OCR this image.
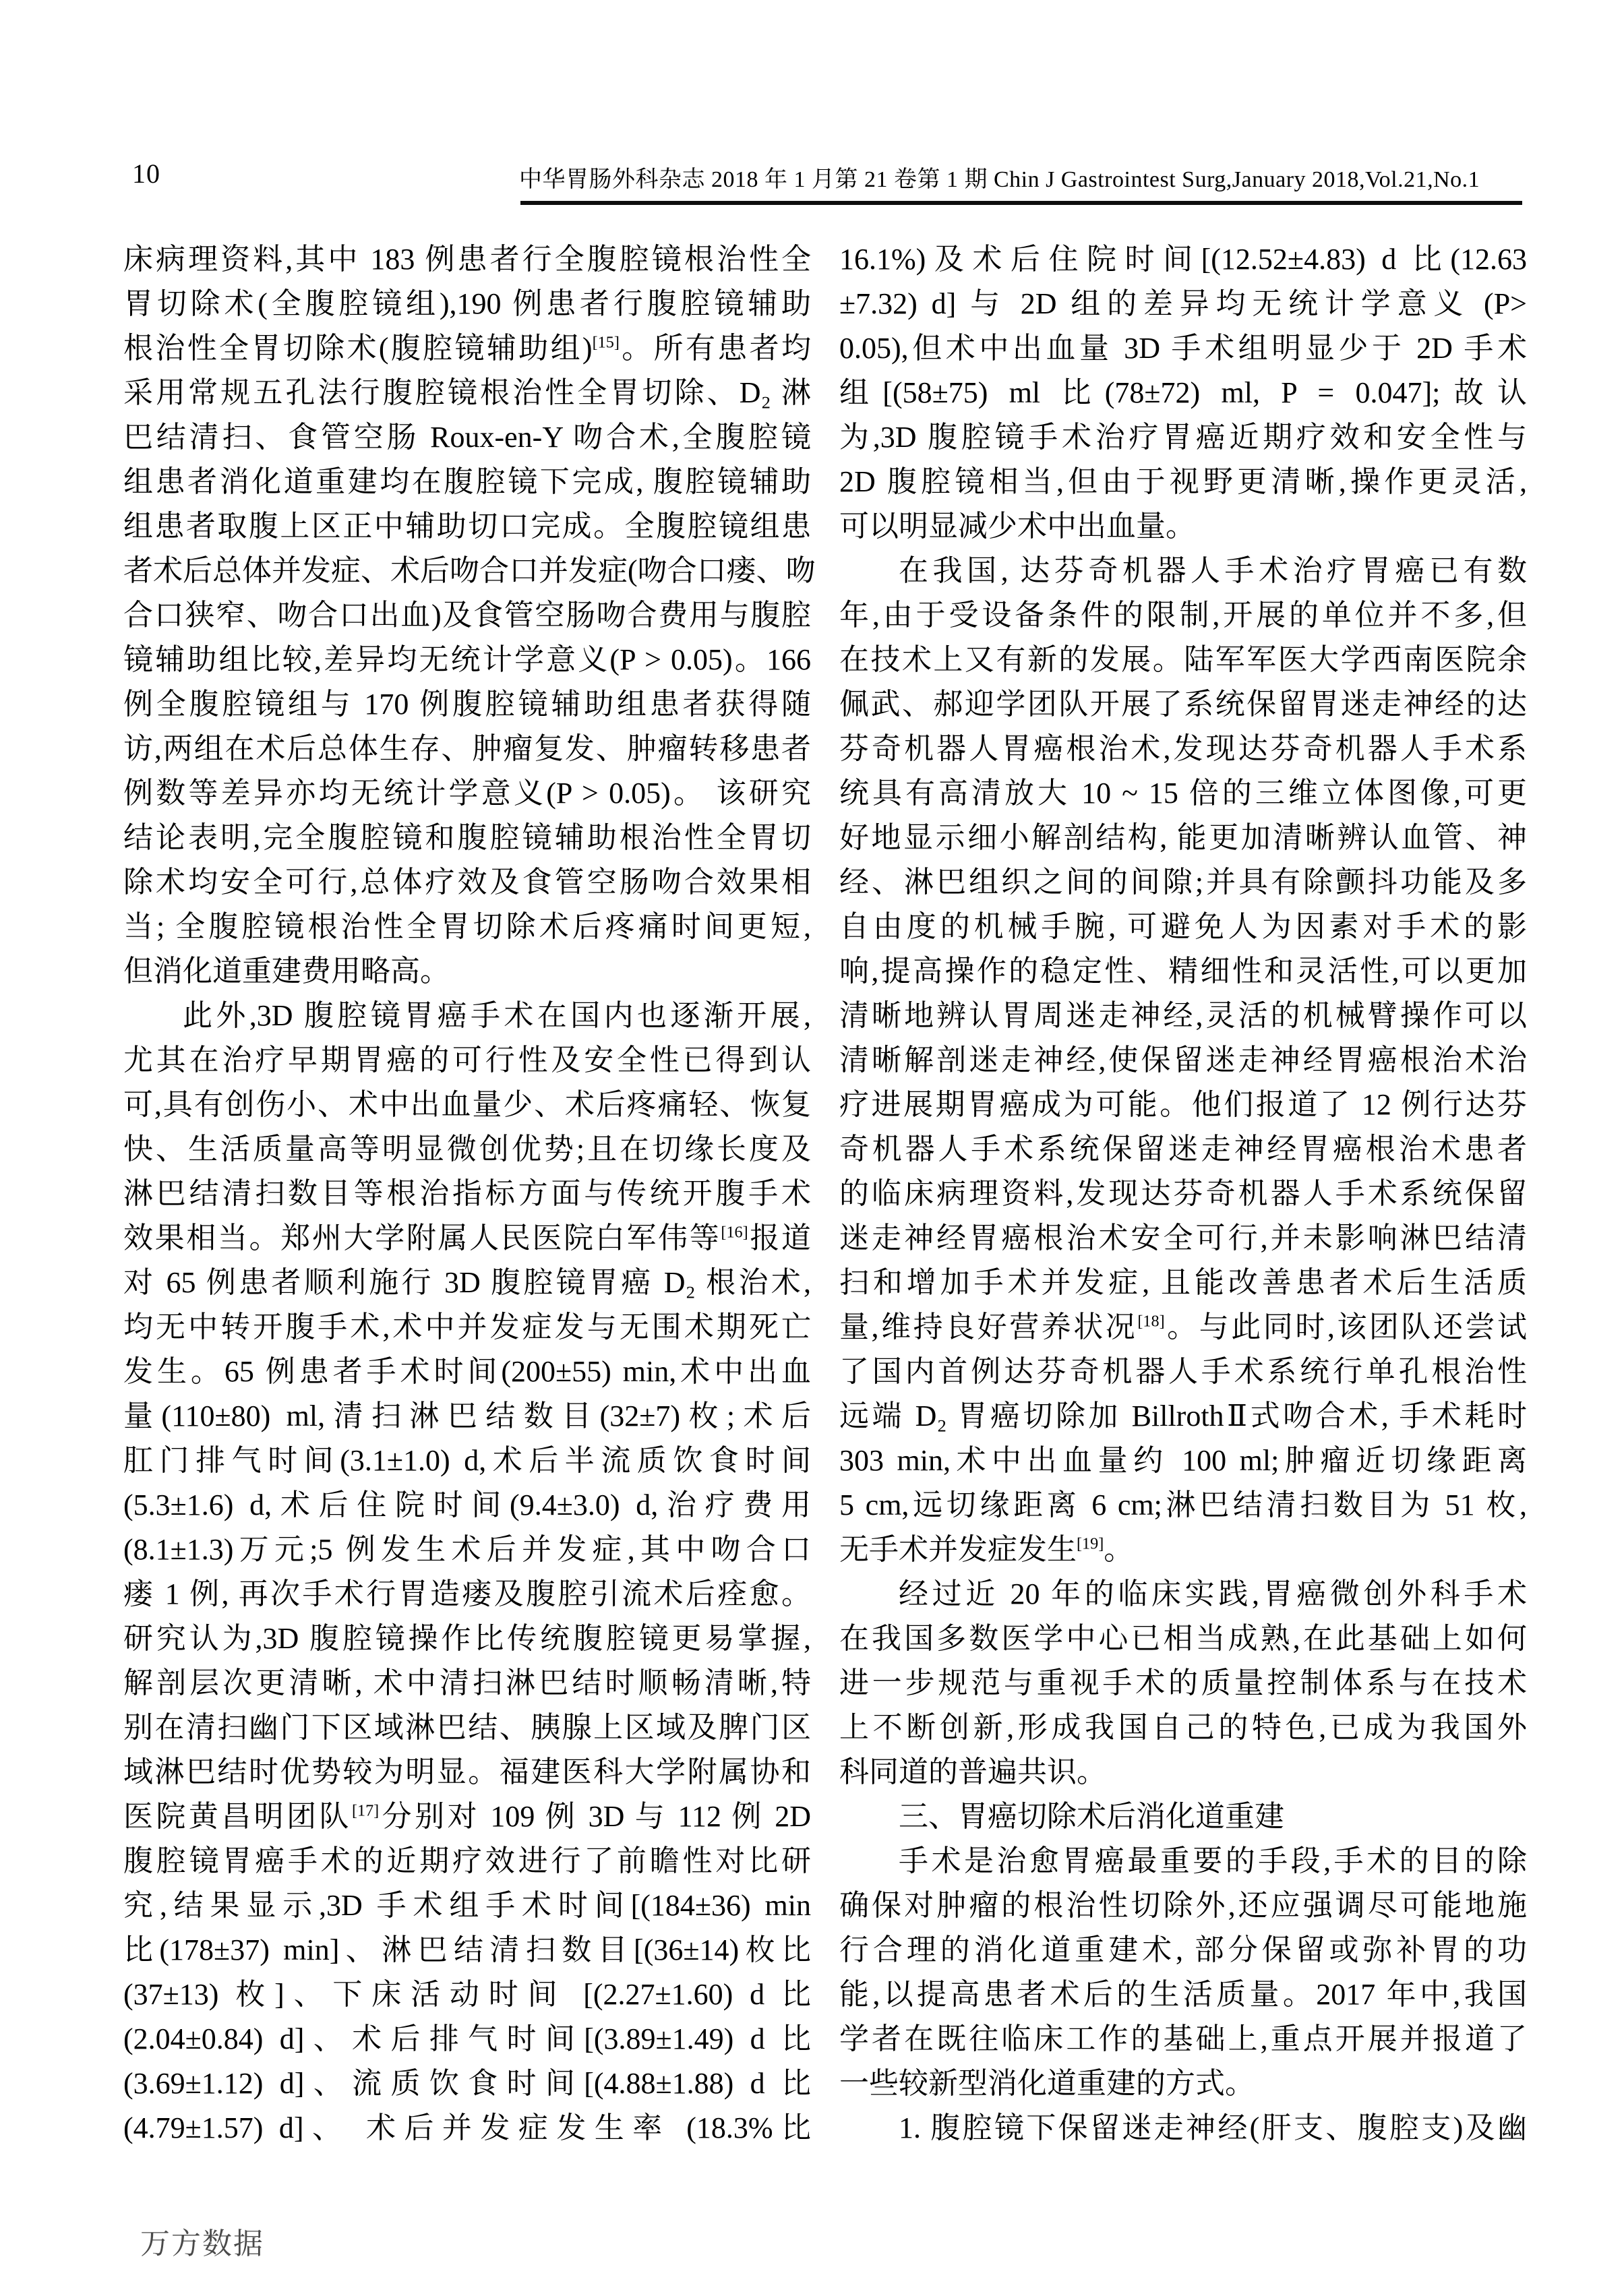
10	中华胃肠外科杂志 2018 年 1 月第 21 卷第 1 期 Chin J Gastrointest Surg,January 2018,Vol.21,No.1
床病理资料,其中 183 例患者行全腹腔镜根治性全
胃切除术(全腹腔镜组),190 例患者行腹腔镜辅助
根治性全胃切除术(腹腔镜辅助组)[15]。所有患者均
采用常规五孔法行腹腔镜根治性全胃切除、D₂ 淋
巴结清扫、食管空肠 Roux-en-Y 吻合术,全腹腔镜
组患者消化道重建均在腹腔镜下完成, 腹腔镜辅助
组患者取腹上区正中辅助切口完成。全腹腔镜组患
者术后总体并发症、术后吻合口并发症(吻合口瘘、吻
合口狭窄、吻合口出血)及食管空肠吻合费用与腹腔
镜辅助组比较,差异均无统计学意义(P > 0.05)。166
例全腹腔镜组与 170 例腹腔镜辅助组患者获得随
访,两组在术后总体生存、肿瘤复发、肿瘤转移患者
例数等差异亦均无统计学意义(P > 0.05)。 该研究
结论表明,完全腹腔镜和腹腔镜辅助根治性全胃切
除术均安全可行,总体疗效及食管空肠吻合效果相
当; 全腹腔镜根治性全胃切除术后疼痛时间更短,
但消化道重建费用略高。
此外,3D 腹腔镜胃癌手术在国内也逐渐开展,
尤其在治疗早期胃癌的可行性及安全性已得到认
可,具有创伤小、术中出血量少、术后疼痛轻、恢复
快、生活质量高等明显微创优势;且在切缘长度及
淋巴结清扫数目等根治指标方面与传统开腹手术
效果相当。郑州大学附属人民医院白军伟等[16]报道
对 65 例患者顺利施行 3D 腹腔镜胃癌 D₂ 根治术,
均无中转开腹手术,术中并发症发与无围术期死亡
发生。65 例患者手术时间(200±55) min,术中出血
量(110±80) ml,清扫淋巴结数目(32±7)枚;术后
肛门排气时间(3.1±1.0) d,术后半流质饮食时间
(5.3±1.6) d,术后住院时间(9.4±3.0) d,治疗费用
(8.1±1.3)万元;5 例发生术后并发症,其中吻合口
瘘 1 例, 再次手术行胃造瘘及腹腔引流术后痊愈。
研究认为,3D 腹腔镜操作比传统腹腔镜更易掌握,
解剖层次更清晰, 术中清扫淋巴结时顺畅清晰,特
别在清扫幽门下区域淋巴结、胰腺上区域及脾门区
域淋巴结时优势较为明显。福建医科大学附属协和
医院黄昌明团队[17]分别对 109 例 3D 与 112 例 2D
腹腔镜胃癌手术的近期疗效进行了前瞻性对比研
究,结果显示,3D 手术组手术时间[(184±36) min
比(178±37) min]、淋巴结清扫数目[(36±14)枚比
(37±13) 枚]、下床活动时间 [(2.27±1.60) d 比
(2.04±0.84) d]、术后排气时间[(3.89±1.49) d 比
(3.69±1.12) d]、流质饮食时间[(4.88±1.88) d 比
(4.79±1.57) d]、 术后并发症发生率 (18.3%比
16.1%)及术后住院时间[(12.52±4.83) d 比(12.63
±7.32) d] 与 2D 组的差异均无统计学意义 (P>
0.05),但术中出血量 3D 手术组明显少于 2D 手术
组[(58±75) ml 比(78±72) ml, P = 0.047];故认
为,3D 腹腔镜手术治疗胃癌近期疗效和安全性与
2D 腹腔镜相当,但由于视野更清晰,操作更灵活,
可以明显减少术中出血量。
在我国, 达芬奇机器人手术治疗胃癌已有数
年,由于受设备条件的限制,开展的单位并不多,但
在技术上又有新的发展。陆军军医大学西南医院余
佩武、郝迎学团队开展了系统保留胃迷走神经的达
芬奇机器人胃癌根治术,发现达芬奇机器人手术系
统具有高清放大 10 ~ 15 倍的三维立体图像,可更
好地显示细小解剖结构, 能更加清晰辨认血管、神
经、淋巴组织之间的间隙;并具有除颤抖功能及多
自由度的机械手腕, 可避免人为因素对手术的影
响,提高操作的稳定性、精细性和灵活性,可以更加
清晰地辨认胃周迷走神经,灵活的机械臂操作可以
清晰解剖迷走神经,使保留迷走神经胃癌根治术治
疗进展期胃癌成为可能。他们报道了 12 例行达芬
奇机器人手术系统保留迷走神经胃癌根治术患者
的临床病理资料,发现达芬奇机器人手术系统保留
迷走神经胃癌根治术安全可行,并未影响淋巴结清
扫和增加手术并发症, 且能改善患者术后生活质
量,维持良好营养状况[18]。与此同时,该团队还尝试
了国内首例达芬奇机器人手术系统行单孔根治性
远端 D₂ 胃癌切除加 BillrothⅡ式吻合术, 手术耗时
303 min,术中出血量约 100 ml;肿瘤近切缘距离
5 cm,远切缘距离 6 cm;淋巴结清扫数目为 51 枚,
无手术并发症发生[19]。
经过近 20 年的临床实践,胃癌微创外科手术
在我国多数医学中心已相当成熟,在此基础上如何
进一步规范与重视手术的质量控制体系与在技术
上不断创新,形成我国自己的特色,已成为我国外
科同道的普遍共识。
三、胃癌切除术后消化道重建
手术是治愈胃癌最重要的手段,手术的目的除
确保对肿瘤的根治性切除外,还应强调尽可能地施
行合理的消化道重建术, 部分保留或弥补胃的功
能,以提高患者术后的生活质量。2017 年中,我国
学者在既往临床工作的基础上,重点开展并报道了
一些较新型消化道重建的方式。
1. 腹腔镜下保留迷走神经(肝支、腹腔支)及幽
万方数据
